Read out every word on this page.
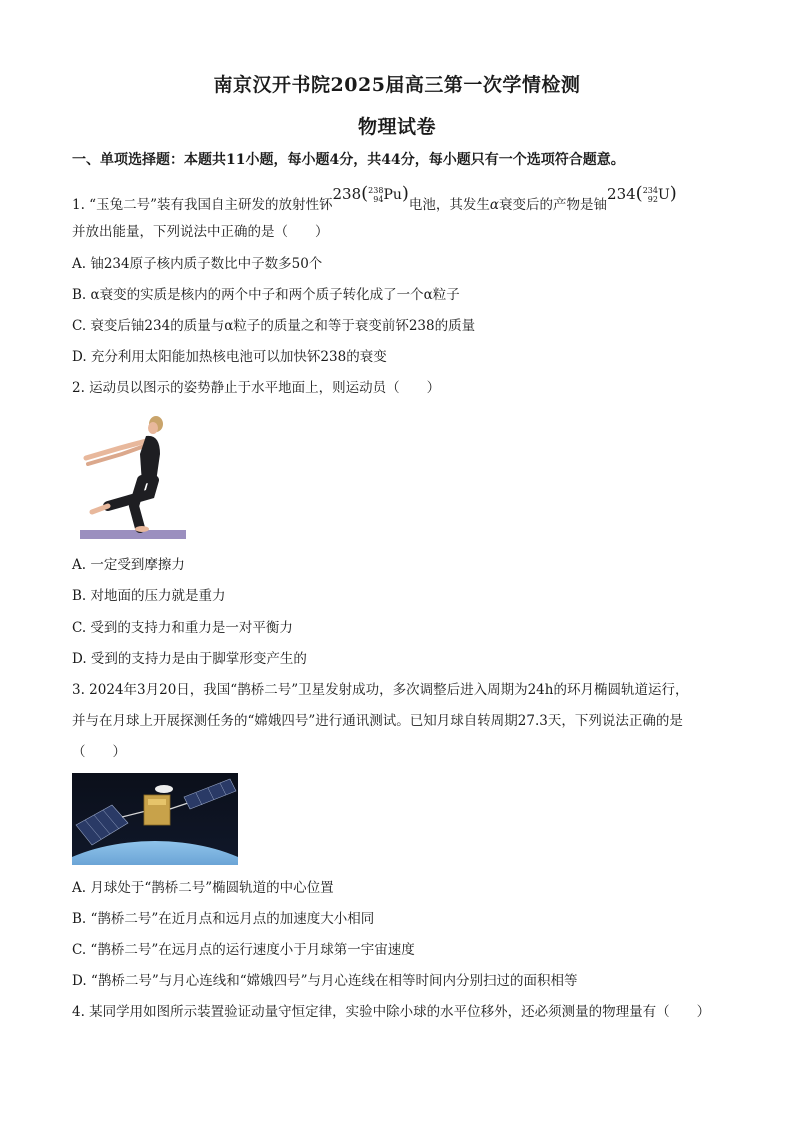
南京汉开书院2025届高三第一次学情检测
物理试卷
一、单项选择题：本题共11小题，每小题4分，共44分，每小题只有一个选项符合题意。
1. “玉兔二号”装有我国自主研发的放射性钚238(238
94Pu)电池，其发生α衰变后的产物是铀234(234
92U)
并放出能量，下列说法中正确的是（　　）
A. 铀234原子核内质子数比中子数多50个
B. α衰变的实质是核内的两个中子和两个质子转化成了一个α粒子
C. 衰变后铀234的质量与α粒子的质量之和等于衰变前钚238的质量
D. 充分利用太阳能加热核电池可以加快钚238的衰变
2. 运动员以图示的姿势静止于水平地面上，则运动员（　　）
A. 一定受到摩擦力
B. 对地面的压力就是重力
C. 受到的支持力和重力是一对平衡力
D. 受到的支持力是由于脚掌形变产生的
3. 2024年3月20日，我国“鹊桥二号”卫星发射成功，多次调整后进入周期为24h的环月椭圆轨道运行，
并与在月球上开展探测任务的“嫦娥四号”进行通讯测试。已知月球自转周期27.3天，下列说法正确的是
（　　）
A. 月球处于“鹊桥二号”椭圆轨道的中心位置
B. “鹊桥二号”在近月点和远月点的加速度大小相同
C. “鹊桥二号”在远月点的运行速度小于月球第一宇宙速度
D. “鹊桥二号”与月心连线和“嫦娥四号”与月心连线在相等时间内分别扫过的面积相等
4. 某同学用如图所示装置验证动量守恒定律，实验中除小球的水平位移外，还必须测量的物理量有（　　）
